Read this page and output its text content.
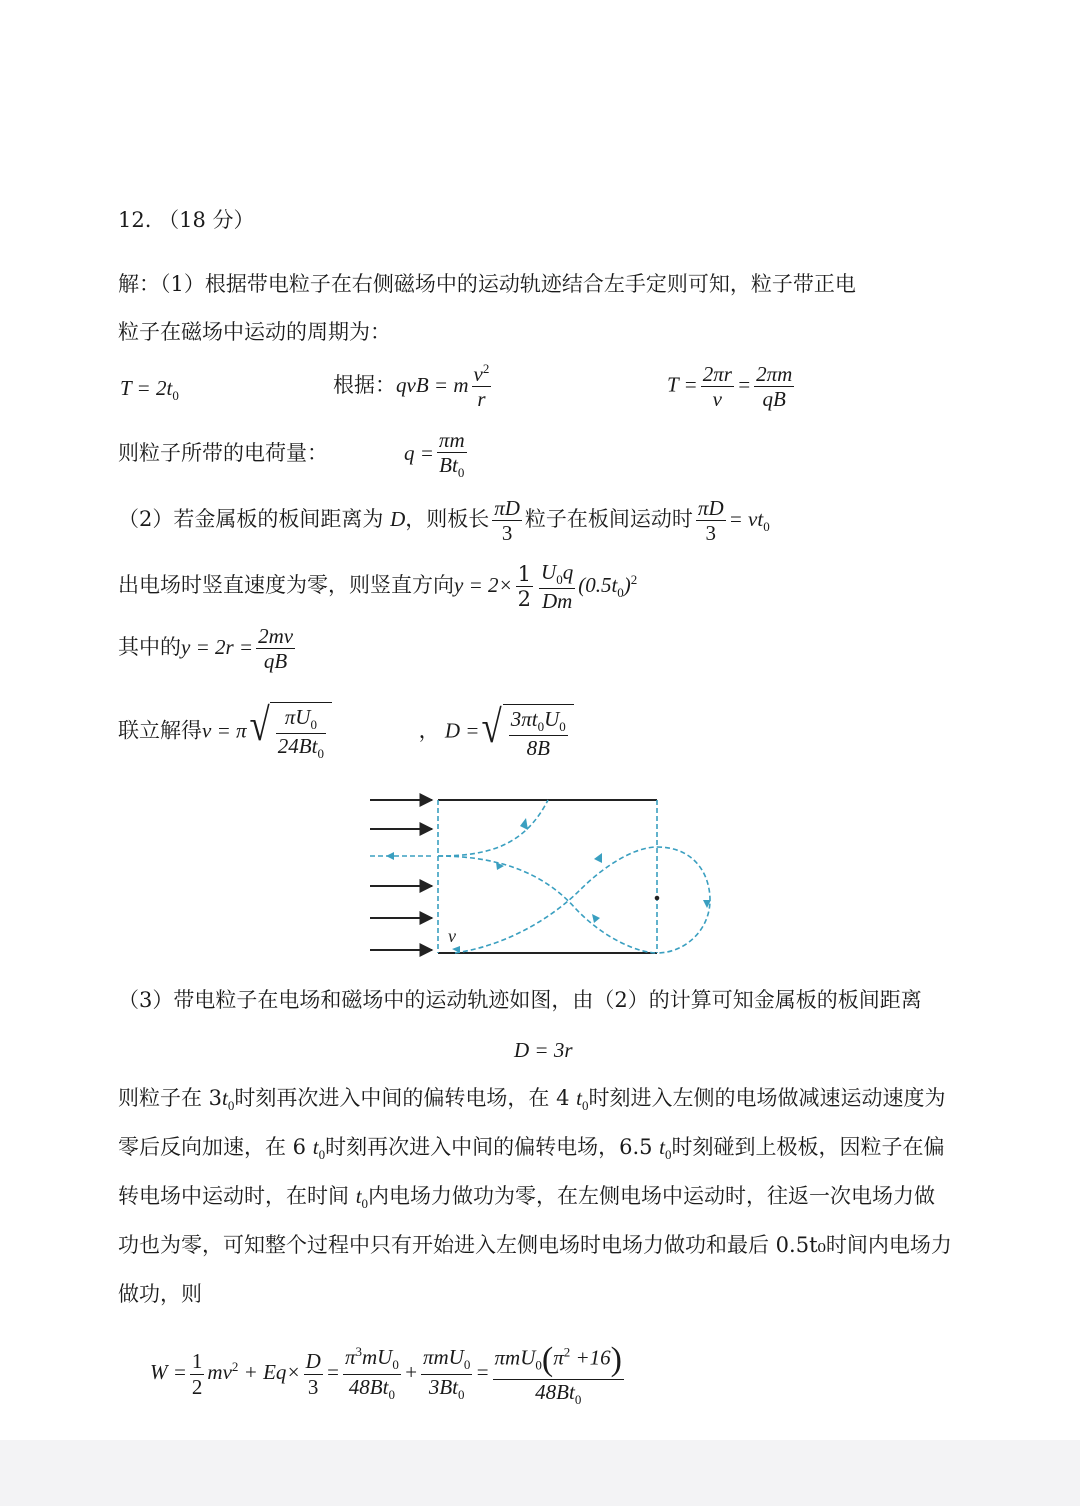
12. （18 分）
解：（1）根据带电粒子在右侧磁场中的运动轨迹结合左手定则可知，粒子带正电
粒子在磁场中运动的周期为：
$T = 2t_0$	根据：qvB = m $\frac{v^2}{r}$	$T = \frac{2\pi r}{v} = \frac{2\pi m}{qB}$
则粒子所带的电荷量：	$q = \frac{\pi m}{Bt_0}$
（2）若金属板的板间距离为 D，则板长 $\frac{\pi D}{3}$ 粒子在板间运动时 $\frac{\pi D}{3} = vt_0$
出电场时竖直速度为零，则竖直方向$y = 2\times \frac{1}{2} \frac{U_0q}{Dm} (0.5t_0)^2$
其中的$y = 2r = \frac{2mv}{qB}$
联立解得v = π √ $\frac{\pi U_0}{24Bt_0}$	， D = √ $\frac{3\pi t_0U_0}{8B}$
v
（3）带电粒子在电场和磁场中的运动轨迹如图，由（2）的计算可知金属板的板间距离
D = 3r
则粒子在 $3t_0$时刻再次进入中间的偏转电场，在 4 $t_0$时刻进入左侧的电场做减速运动速度为
零后反向加速，在 6 $t_0$时刻再次进入中间的偏转电场，6.5 $t_0$时刻碰到上极板，因粒子在偏
转电场中运动时，在时间 $t_0$内电场力做功为零，在左侧电场中运动时，往返一次电场力做
功也为零，可知整个过程中只有开始进入左侧电场时电场力做功和最后 0.5t₀时间内电场力
做功，则
$W = \frac{1}{2} mv^2 + Eq\times \frac{D}{3} = \frac{\pi^3mU_0}{48Bt_0} + \frac{\pi mU_0}{3Bt_0} = \frac{\pi mU_0(\pi^2 +16)}{48Bt_0}$
